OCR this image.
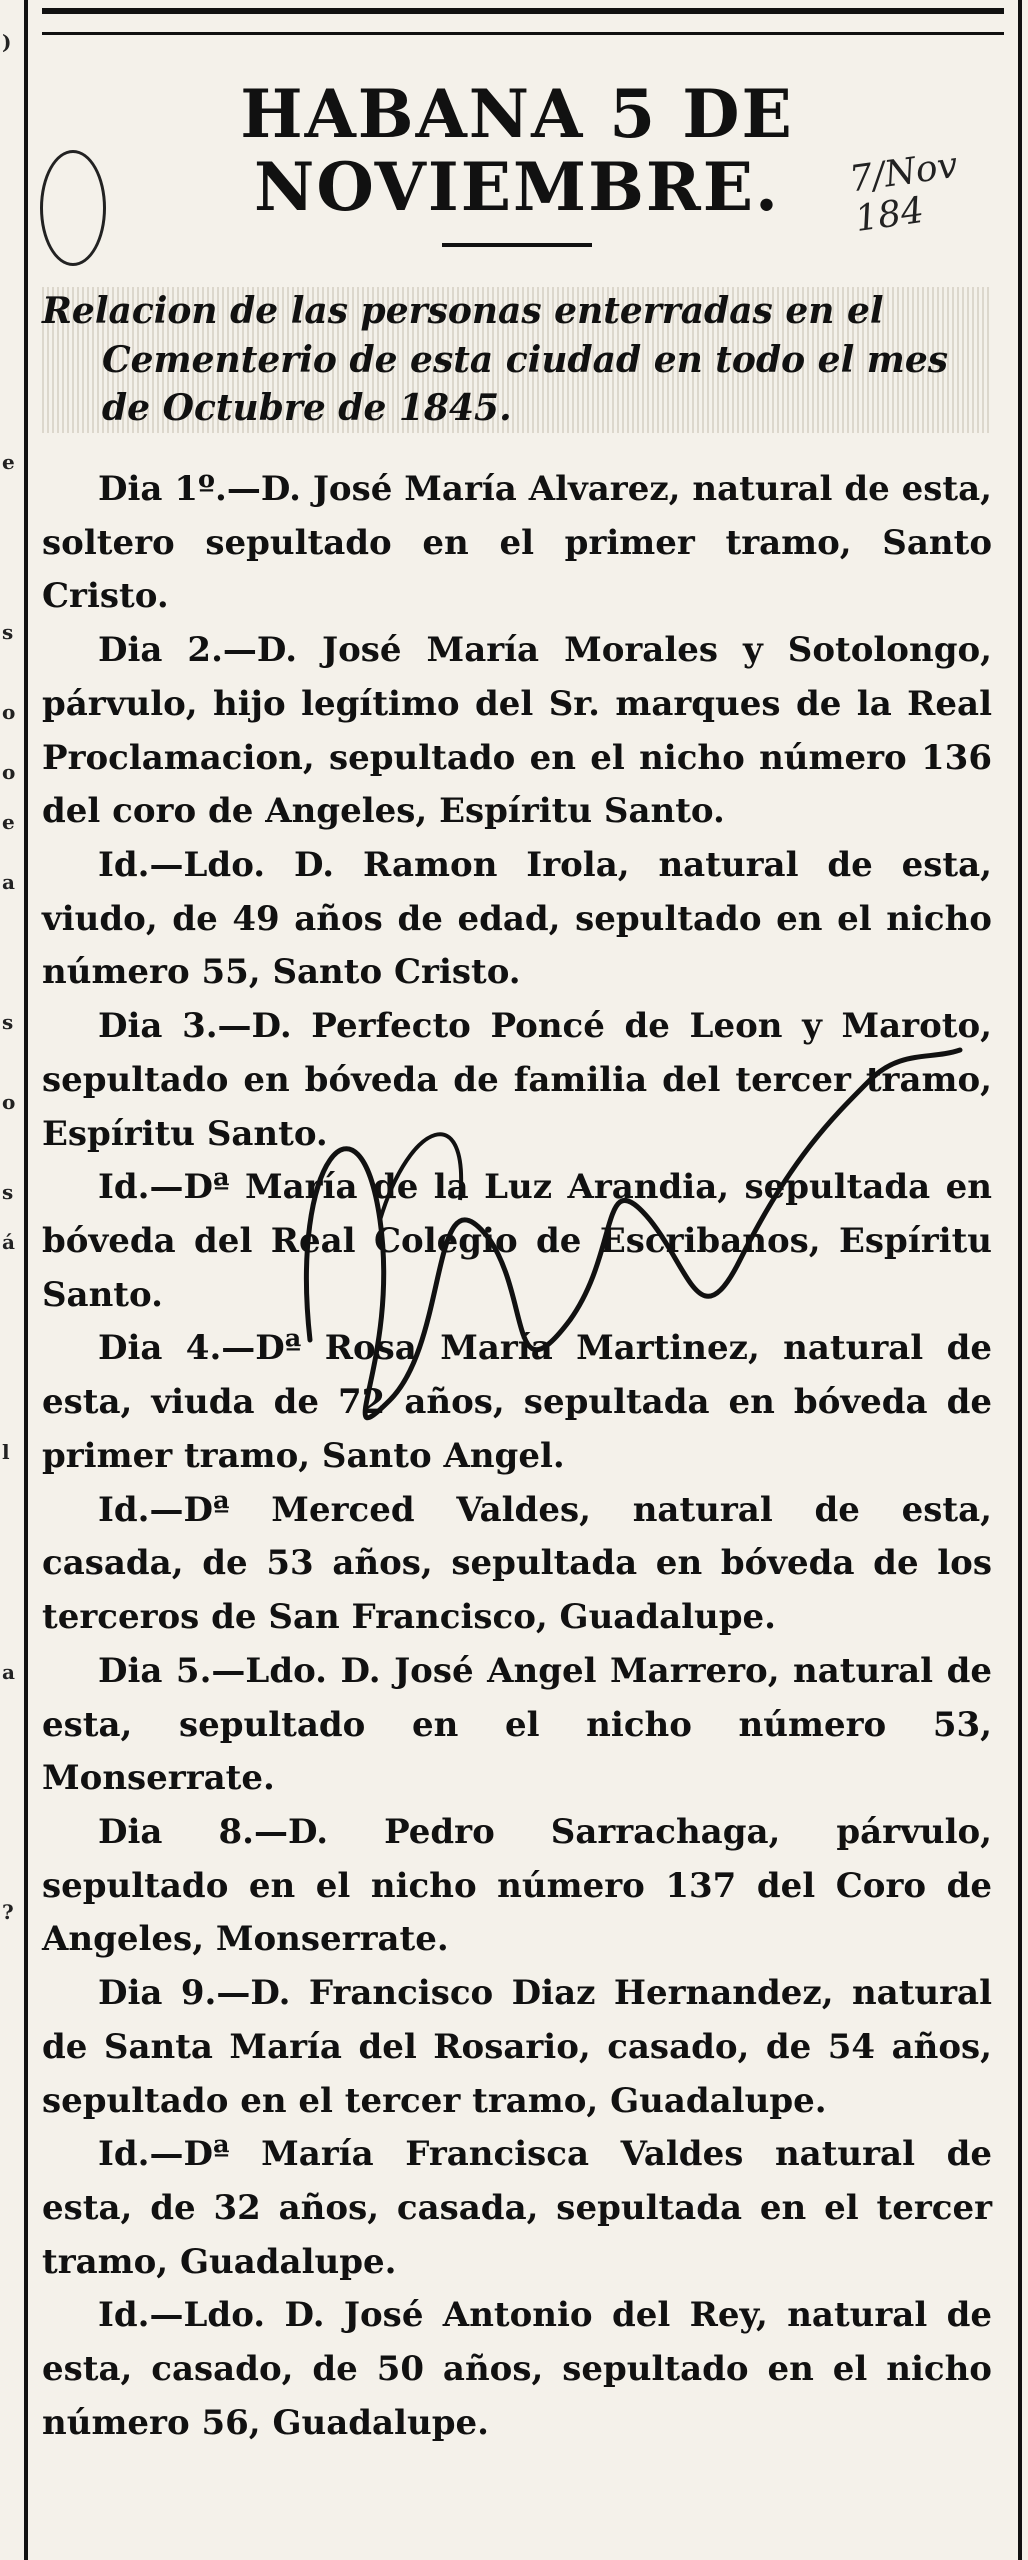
)
e
s
o
o
e
a
s
o
s
á
l
?
a
7/Nov 184
HABANA 5 DE NOVIEMBRE.

Relacion de las personas enterradas en el Cementerio de esta ciudad en todo el mes de Octubre de 1845.

Dia 1º.—D. José María Alvarez, natural de esta, soltero sepultado en el primer tramo, Santo Cristo.

Dia 2.—D. José María Morales y Sotolongo, párvulo, hijo legítimo del Sr. marques de la Real Proclamacion, sepultado en el nicho número 136 del coro de Angeles, Espíritu Santo.

Id.—Ldo. D. Ramon Irola, natural de esta, viudo, de 49 años de edad, sepultado en el nicho número 55, Santo Cristo.

Dia 3.—D. Perfecto Poncé de Leon y Maroto, sepultado en bóveda de familia del tercer tramo, Espíritu Santo.

Id.—Dª María de la Luz Arandia, sepultada en bóveda del Real Colegio de Escribanos, Espíritu Santo.

Dia 4.—Dª Rosa María Martinez, natural de esta, viuda de 72 años, sepultada en bóveda de primer tramo, Santo Angel.

Id.—Dª Merced Valdes, natural de esta, casada, de 53 años, sepultada en bóveda de los terceros de San Francisco, Guadalupe.

Dia 5.—Ldo. D. José Angel Marrero, natural de esta, sepultado en el nicho número 53, Monserrate.

Dia 8.—D. Pedro Sarrachaga, párvulo, sepultado en el nicho número 137 del Coro de Angeles, Monserrate.

Dia 9.—D. Francisco Diaz Hernandez, natural de Santa María del Rosario, casado, de 54 años, sepultado en el tercer tramo, Guadalupe.

Id.—Dª María Francisca Valdes natural de esta, de 32 años, casada, sepultada en el tercer tramo, Guadalupe.

Id.—Ldo. D. José Antonio del Rey, natural de esta, casado, de 50 años, sepultado en el nicho número 56, Guadalupe.
